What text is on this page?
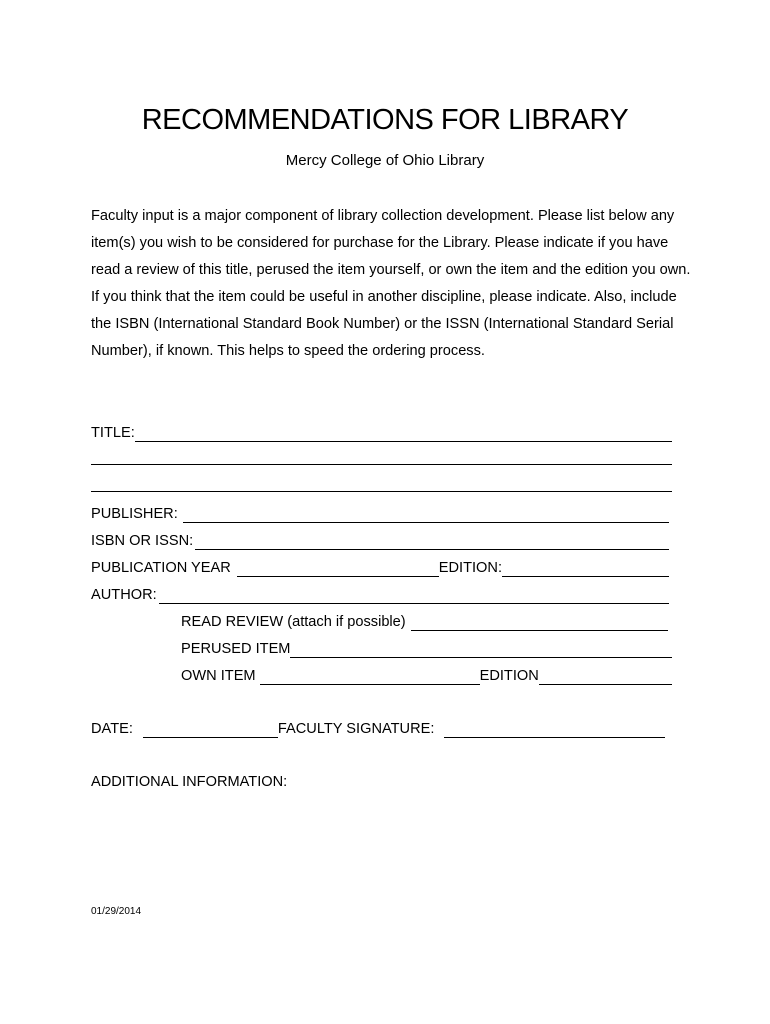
RECOMMENDATIONS FOR LIBRARY
Mercy College of Ohio Library
Faculty input is a major component of library collection development. Please list below any item(s) you wish to be considered for purchase for the Library. Please indicate if you have read a review of this title, perused the item yourself, or own the item and the edition you own. If you think that the item could be useful in another discipline, please indicate. Also, include the ISBN (International Standard Book Number) or the ISSN (International Standard Serial Number), if known. This helps to speed the ordering process.
TITLE:
PUBLISHER:
ISBN OR ISSN:
PUBLICATION YEAR	EDITION:
AUTHOR:
READ REVIEW (attach if possible)
PERUSED ITEM
OWN ITEM	EDITION
DATE:	FACULTY SIGNATURE:
ADDITIONAL INFORMATION:
01/29/2014
